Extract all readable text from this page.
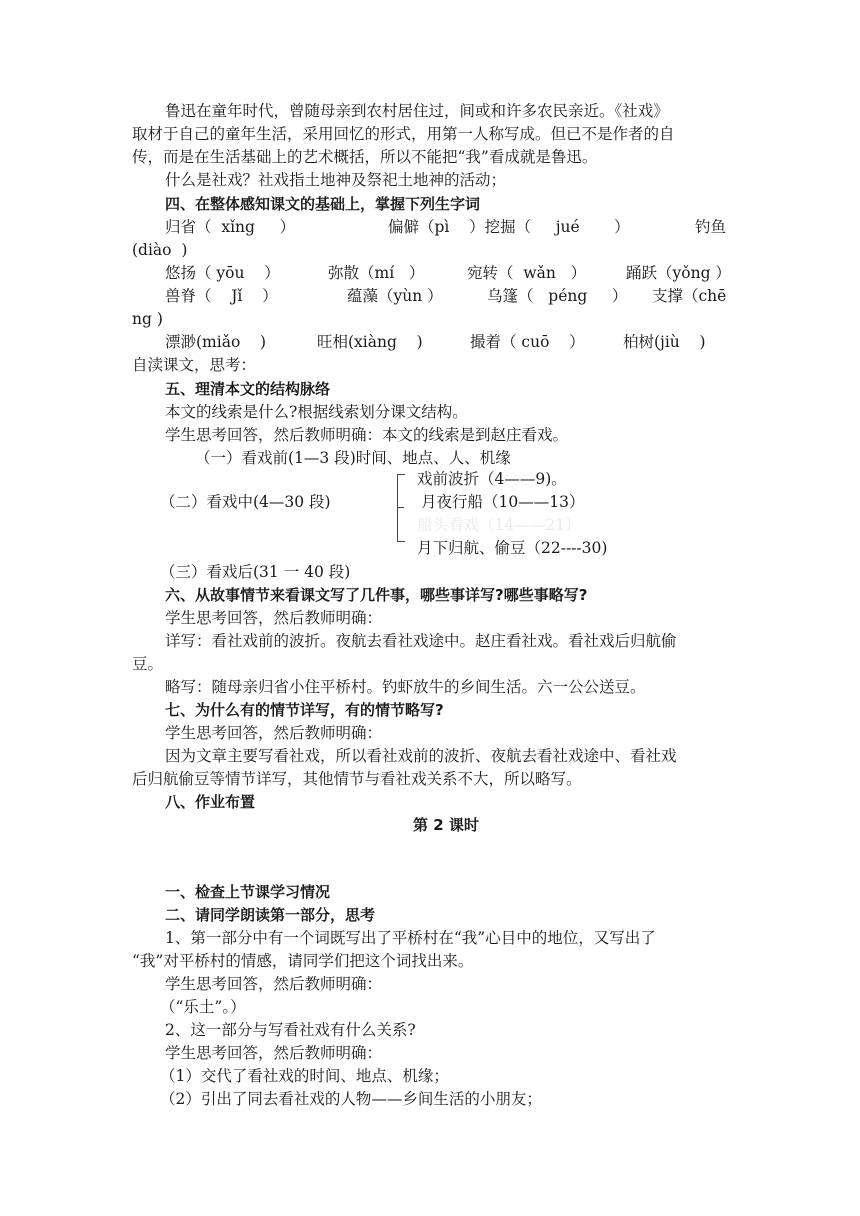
鲁迅在童年时代，曾随母亲到农村居住过，间或和许多农民亲近。《社戏》
取材于自己的童年生活，采用回忆的形式，用第一人称写成。但已不是作者的自
传，而是在生活基础上的艺术概括，所以不能把“我”看成就是鲁迅。
什么是社戏？社戏指土地神及祭祀土地神的活动；
四、在整体感知课文的基础上，掌握下列生字词
归省（  xǐng     ）	偏僻（pì    ）挖掘（     jué       ）	钓鱼
(diào  )
悠扬（ yōu    ）	弥散（mí   ）	宛转（  wǎn   ）	踊跃（yǒng ）
兽脊（    Jǐ    ）	蕴藻（yùn ）	乌篷（   péng     ） 支撑（chē
ng )
漂渺(miǎo    )	旺相(xiàng    )	撮着（ cuō    ） 柏树(jiù    )
自渎课文，思考：
五、理清本文的结构脉络
本文的线索是什么?根据线索划分课文结构。
学生思考回答，然后教师明确：本文的线索是到赵庄看戏。
（一）看戏前(1—3 段)时间、地点、人、机缘
（二）看戏中(4—30 段)
戏前波折（4——9)。
月夜行船（10——13）
船头看戏（14——21）
月下归航、偷豆（22----30)
（三）看戏后(31 一 40 段)
六、从故事情节来看课文写了几件事，哪些事详写?哪些事略写?
学生思考回答，然后教师明确：
详写：看社戏前的波折。夜航去看社戏途中。赵庄看社戏。看社戏后归航偷
豆。
略写：随母亲归省小住平桥村。钓虾放牛的乡间生活。六一公公送豆。
七、为什么有的情节详写，有的情节略写?
学生思考回答，然后教师明确：
因为文章主要写看社戏，所以看社戏前的波折、夜航去看社戏途中、看社戏
后归航偷豆等情节详写，其他情节与看社戏关系不大，所以略写。
八、作业布置
第 2 课时
一、检查上节课学习情况
二、请同学朗读第一部分，思考
1、第一部分中有一个词既写出了平桥村在“我”心目中的地位，又写出了
“我”对平桥村的情感，请同学们把这个词找出来。
学生思考回答，然后教师明确：
（“乐土”。）
2、这一部分与写看社戏有什么关系?
学生思考回答，然后教师明确：
（1）交代了看社戏的时间、地点、机缘；
（2）引出了同去看社戏的人物——乡间生活的小朋友；
